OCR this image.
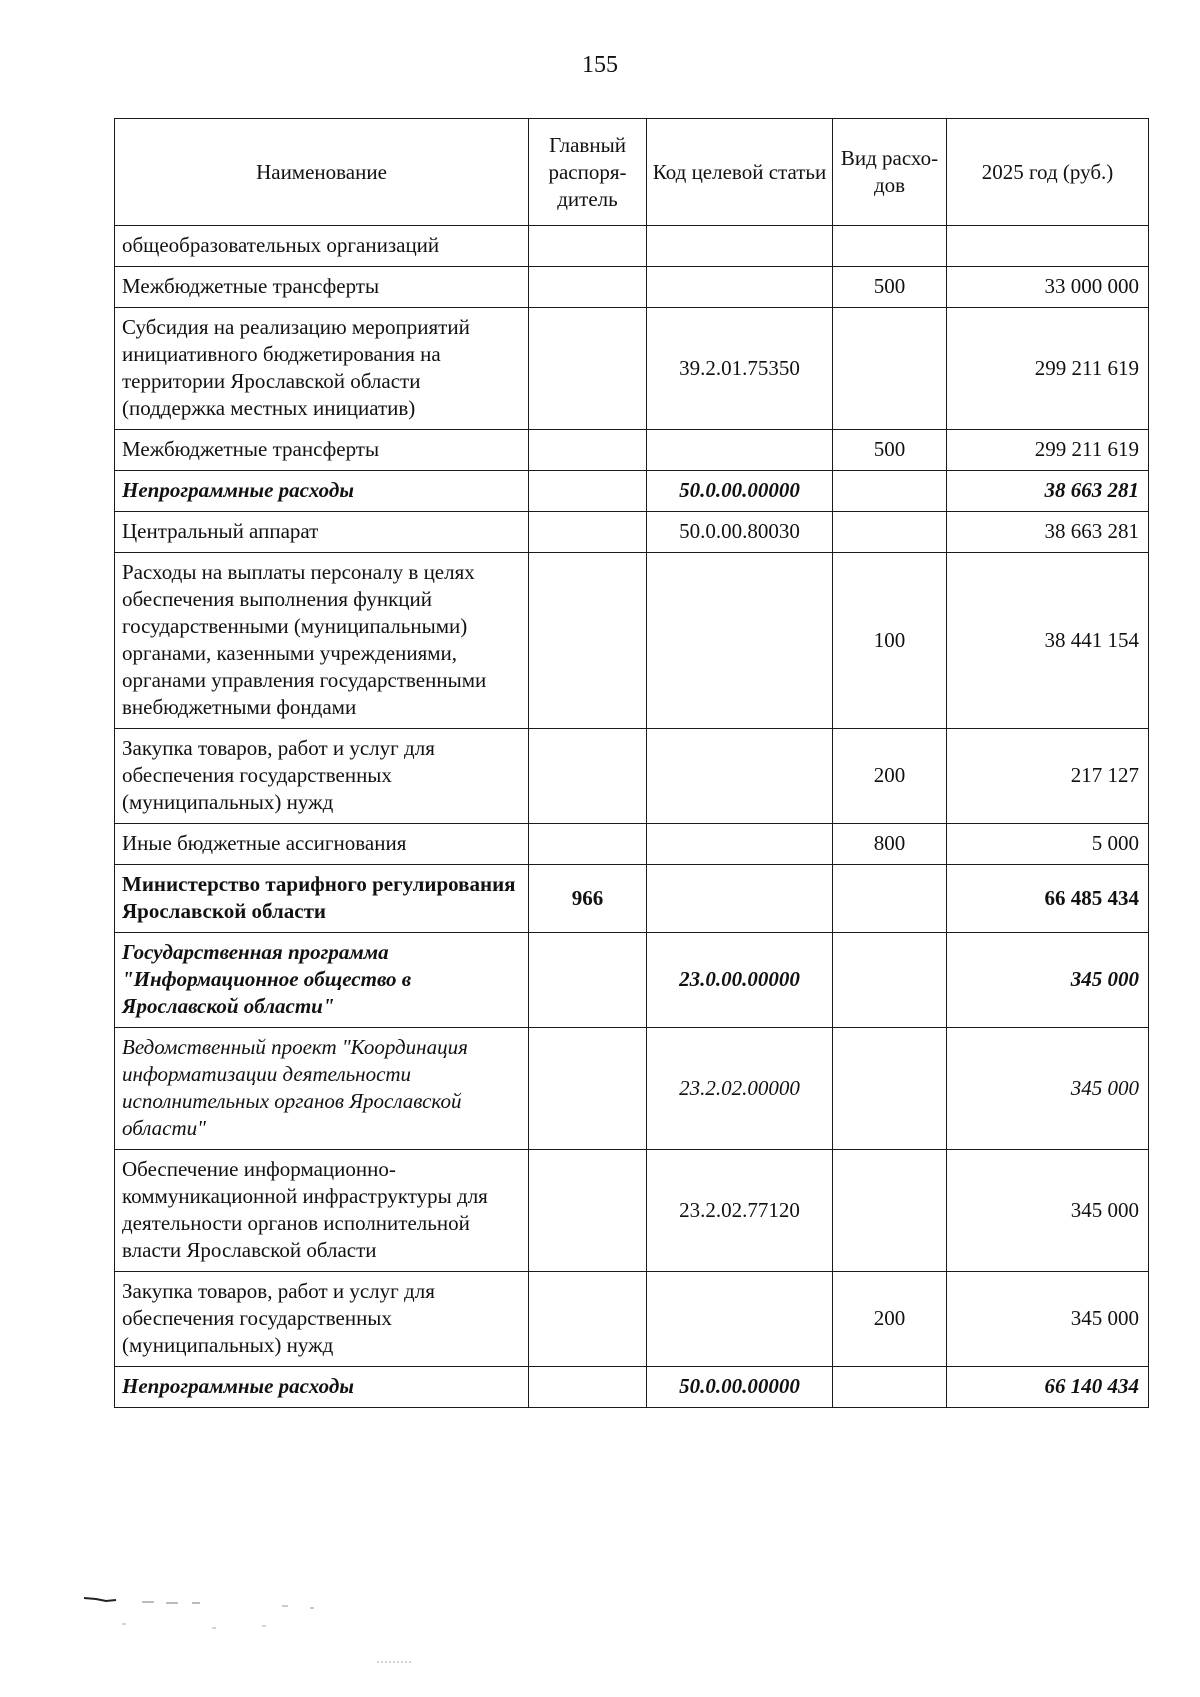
155
Наименование	Главный распоря-дитель	Код целевой статьи	Вид расхо-дов	2025 год (руб.)
общеобразовательных организаций				
Межбюджетные трансферты			500	33 000 000
Субсидия на реализацию мероприятий инициативного бюджетирования на территории Ярославской области (поддержка местных инициатив)		39.2.01.75350		299 211 619
Межбюджетные трансферты			500	299 211 619
Непрограммные расходы		50.0.00.00000		38 663 281
Центральный аппарат		50.0.00.80030		38 663 281
Расходы на выплаты персоналу в целях обеспечения выполнения функций государственными (муниципальными) органами, казенными учреждениями, органами управления государственными внебюджетными фондами			100	38 441 154
Закупка товаров, работ и услуг для обеспечения государственных (муниципальных) нужд			200	217 127
Иные бюджетные ассигнования			800	5 000
Министерство тарифного регулирования Ярославской области	966			66 485 434
Государственная программа "Информационное общество в Ярославской области"		23.0.00.00000		345 000
Ведомственный проект "Координация информатизации деятельности исполнительных органов Ярославской области"		23.2.02.00000		345 000
Обеспечение информационно-коммуникационной инфраструктуры для деятельности органов исполнительной власти Ярославской области		23.2.02.77120		345 000
Закупка товаров, работ и услуг для обеспечения государственных (муниципальных) нужд			200	345 000
Непрограммные расходы		50.0.00.00000		66 140 434
